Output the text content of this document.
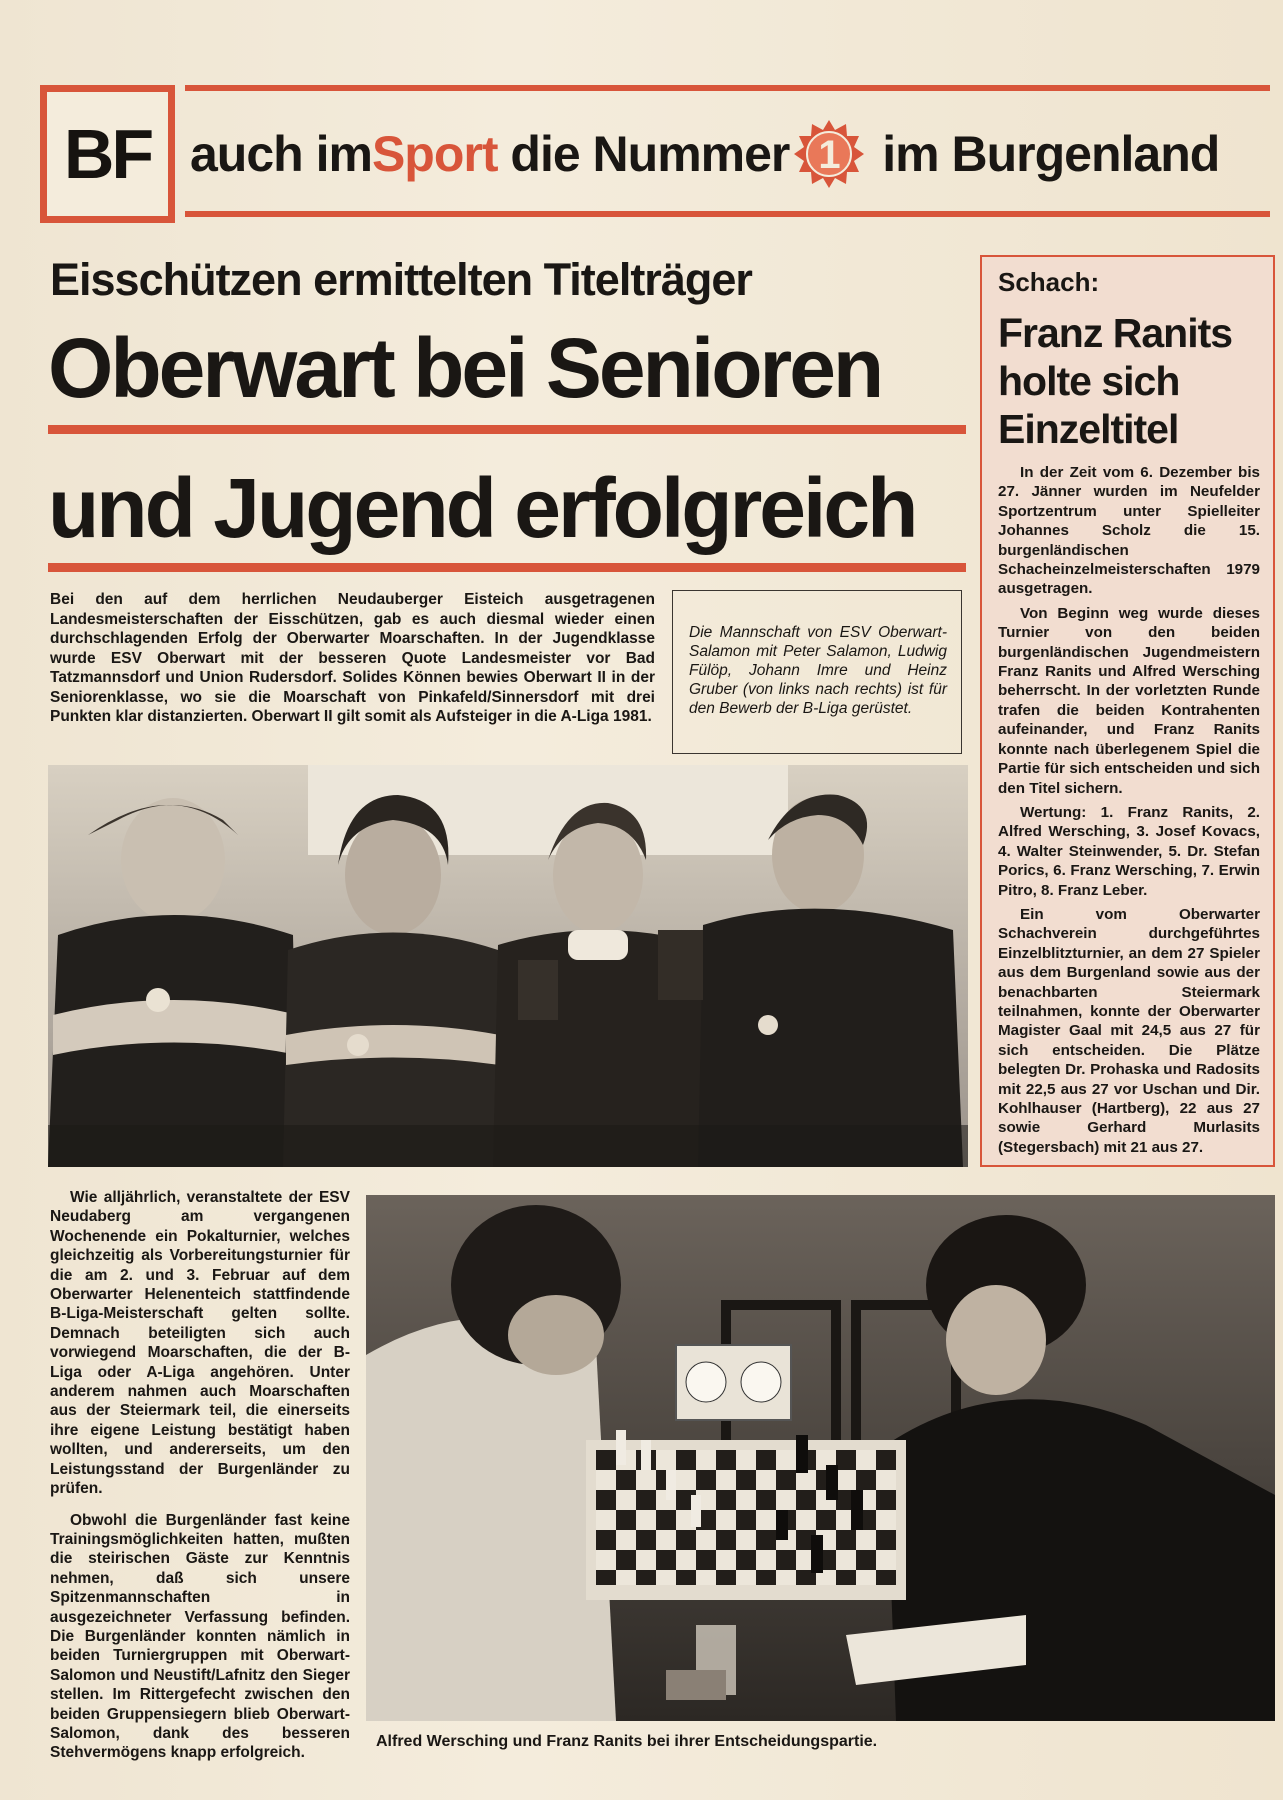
BF auch imSport die Nummer 1 im Burgenland
Eisschützen ermittelten Titelträger
Oberwart bei Senioren
und Jugend erfolgreich
Bei den auf dem herrlichen Neudauberger Eisteich ausgetragenen Landesmeisterschaften der Eisschützen, gab es auch diesmal wieder einen durchschlagenden Erfolg der Oberwarter Moarschaften. In der Jugendklasse wurde ESV Oberwart mit der besseren Quote Landesmeister vor Bad Tatzmannsdorf und Union Rudersdorf. Solides Können bewies Oberwart II in der Seniorenklasse, wo sie die Moarschaft von Pinkafeld/Sinnersdorf mit drei Punkten klar distanzierten. Oberwart II gilt somit als Aufsteiger in die A-Liga 1981.
Die Mannschaft von ESV Oberwart-Salamon mit Peter Salamon, Ludwig Fülöp, Johann Imre und Heinz Gruber (von links nach rechts) ist für den Bewerb der B-Liga gerüstet.
Schach:
Franz Ranits holte sich Einzeltitel

In der Zeit vom 6. Dezember bis 27. Jänner wurden im Neufelder Sportzentrum unter Spielleiter Johannes Scholz die 15. burgenländischen Schacheinzelmeisterschaften 1979 ausgetragen.

Von Beginn weg wurde dieses Turnier von den beiden burgenländischen Jugendmeistern Franz Ranits und Alfred Wersching beherrscht. In der vorletzten Runde trafen die beiden Kontrahenten aufeinander, und Franz Ranits konnte nach überlegenem Spiel die Partie für sich entscheiden und sich den Titel sichern.

Wertung: 1. Franz Ranits, 2. Alfred Wersching, 3. Josef Kovacs, 4. Walter Steinwender, 5. Dr. Stefan Porics, 6. Franz Wersching, 7. Erwin Pitro, 8. Franz Leber.

Ein vom Oberwarter Schachverein durchgeführtes Einzelblitzturnier, an dem 27 Spieler aus dem Burgenland sowie aus der benachbarten Steiermark teilnahmen, konnte der Oberwarter Magister Gaal mit 24,5 aus 27 für sich entscheiden. Die Plätze belegten Dr. Prohaska und Radosits mit 22,5 aus 27 vor Uschan und Dir. Kohlhauser (Hartberg), 22 aus 27 sowie Gerhard Murlasits (Stegersbach) mit 21 aus 27.

Wie alljährlich, veranstaltete der ESV Neudaberg am vergangenen Wochenende ein Pokalturnier, welches gleichzeitig als Vorbereitungsturnier für die am 2. und 3. Februar auf dem Oberwarter Helenenteich stattfindende B-Liga-Meisterschaft gelten sollte. Demnach beteiligten sich auch vorwiegend Moarschaften, die der B-Liga oder A-Liga angehören. Unter anderem nahmen auch Moarschaften aus der Steiermark teil, die einerseits ihre eigene Leistung bestätigt haben wollten, und andererseits, um den Leistungsstand der Burgenländer zu prüfen.

Obwohl die Burgenländer fast keine Trainingsmöglichkeiten hatten, mußten die steirischen Gäste zur Kenntnis nehmen, daß sich unsere Spitzenmannschaften in ausgezeichneter Verfassung befinden. Die Burgenländer konnten nämlich in beiden Turniergruppen mit Oberwart-Salomon und Neustift/Lafnitz den Sieger stellen. Im Rittergefecht zwischen den beiden Gruppensiegern blieb Oberwart-Salomon, dank des besseren Stehvermögens knapp erfolgreich.

Alfred Wersching und Franz Ranits bei ihrer Entscheidungspartie.
